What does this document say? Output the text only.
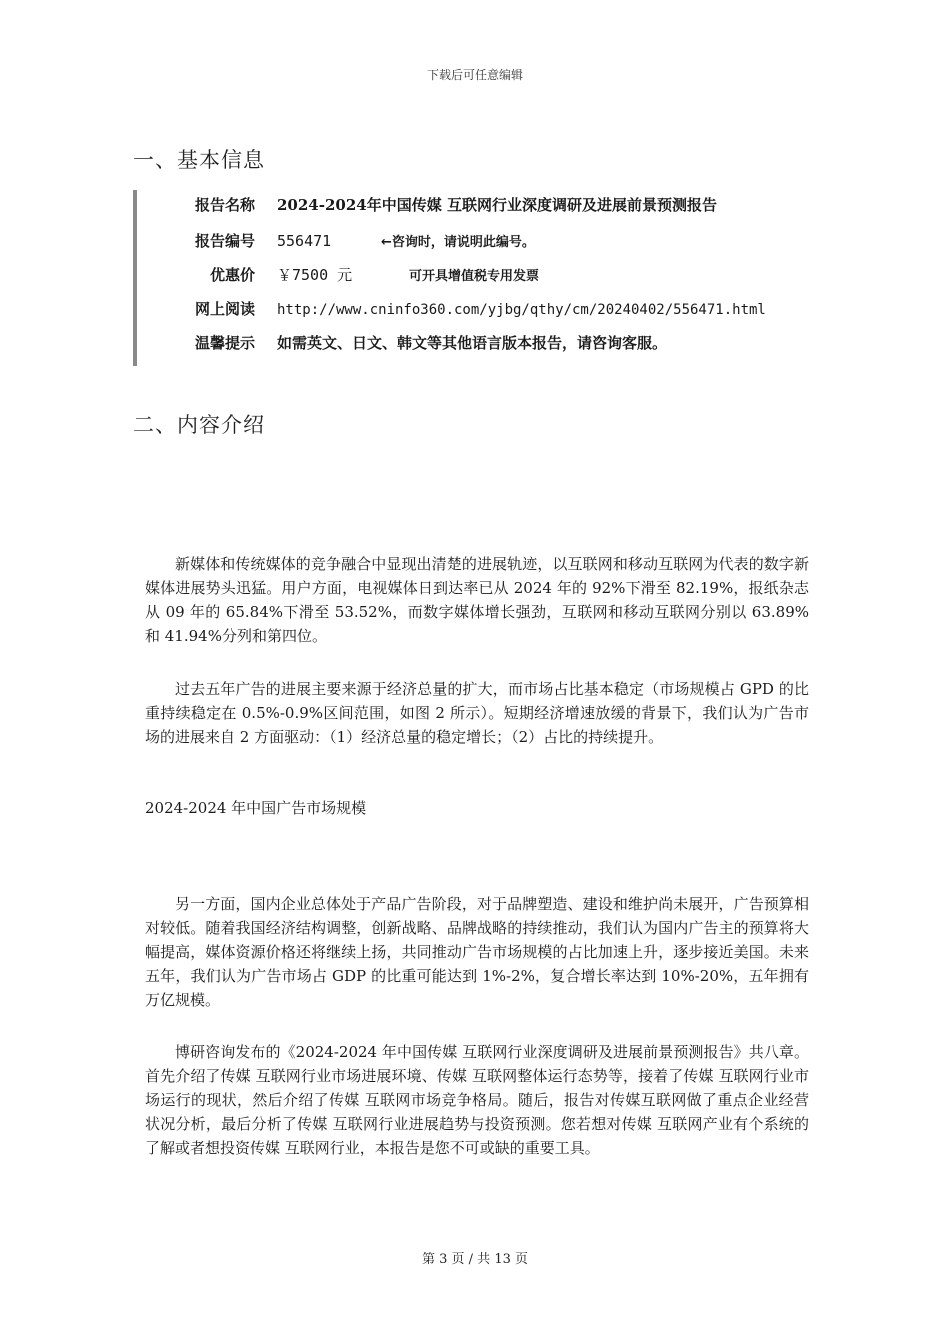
下载后可任意编辑
一、基本信息
报告名称 2024-2024年中国传媒 互联网行业深度调研及进展前景预测报告
报告编号 556471	←咨询时，请说明此编号。
优惠价 ￥7500 元	可开具增值税专用发票
网上阅读 http://www.cninfo360.com/yjbg/qthy/cm/20240402/556471.html
温馨提示 如需英文、日文、韩文等其他语言版本报告，请咨询客服。
二、内容介绍

新媒体和传统媒体的竞争融合中显现出清楚的进展轨迹，以互联网和移动互联网为代表的数字新媒体进展势头迅猛。用户方面，电视媒体日到达率已从 2024 年的 92%下滑至 82.19%，报纸杂志从 09 年的 65.84%下滑至 53.52%，而数字媒体增长强劲，互联网和移动互联网分别以 63.89%和 41.94%分列和第四位。

过去五年广告的进展主要来源于经济总量的扩大，而市场占比基本稳定（市场规模占 GPD 的比重持续稳定在 0.5%-0.9%区间范围，如图 2 所示）。短期经济增速放缓的背景下，我们认为广告市场的进展来自 2 方面驱动：（1）经济总量的稳定增长；（2）占比的持续提升。

2024-2024 年中国广告市场规模

另一方面，国内企业总体处于产品广告阶段，对于品牌塑造、建设和维护尚未展开，广告预算相对较低。随着我国经济结构调整，创新战略、品牌战略的持续推动，我们认为国内广告主的预算将大幅提高，媒体资源价格还将继续上扬，共同推动广告市场规模的占比加速上升，逐步接近美国。未来五年，我们认为广告市场占 GDP 的比重可能达到 1%-2%，复合增长率达到 10%-20%，五年拥有万亿规模。

博研咨询发布的《2024-2024 年中国传媒 互联网行业深度调研及进展前景预测报告》共八章。首先介绍了传媒 互联网行业市场进展环境、传媒 互联网整体运行态势等，接着了传媒 互联网行业市场运行的现状，然后介绍了传媒 互联网市场竞争格局。随后，报告对传媒互联网做了重点企业经营状况分析，最后分析了传媒 互联网行业进展趋势与投资预测。您若想对传媒 互联网产业有个系统的了解或者想投资传媒 互联网行业，本报告是您不可或缺的重要工具。

第 3 页 / 共 13 页
